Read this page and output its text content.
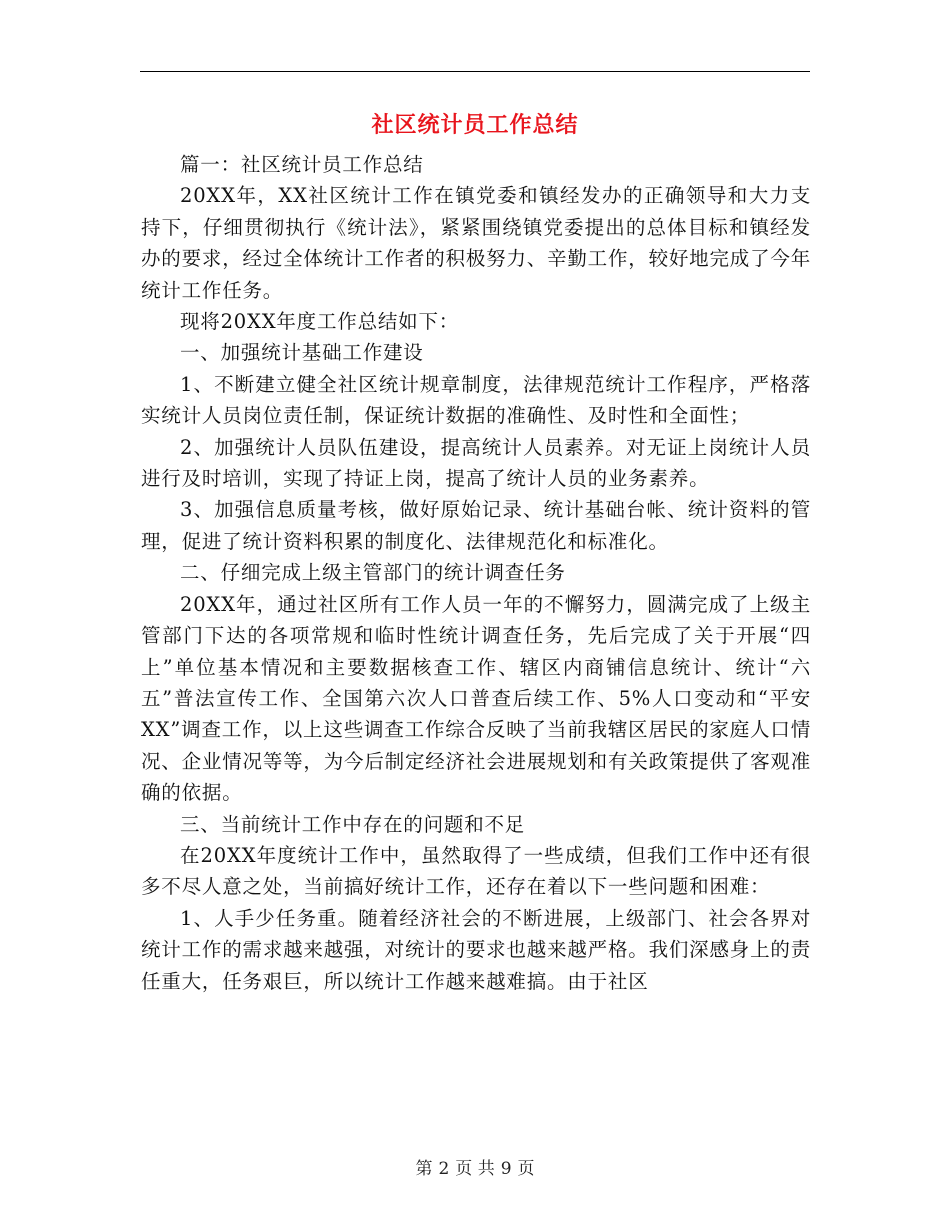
社区统计员工作总结

篇一：社区统计员工作总结

20XX年，XX社区统计工作在镇党委和镇经发办的正确领导和大力支持下，仔细贯彻执行《统计法》，紧紧围绕镇党委提出的总体目标和镇经发办的要求，经过全体统计工作者的积极努力、辛勤工作，较好地完成了今年统计工作任务。

现将20XX年度工作总结如下：

一、加强统计基础工作建设

1、不断建立健全社区统计规章制度，法律规范统计工作程序，严格落实统计人员岗位责任制，保证统计数据的准确性、及时性和全面性；

2、加强统计人员队伍建设，提高统计人员素养。对无证上岗统计人员进行及时培训，实现了持证上岗，提高了统计人员的业务素养。

3、加强信息质量考核，做好原始记录、统计基础台帐、统计资料的管理，促进了统计资料积累的制度化、法律规范化和标准化。

二、仔细完成上级主管部门的统计调查任务

20XX年，通过社区所有工作人员一年的不懈努力，圆满完成了上级主管部门下达的各项常规和临时性统计调查任务，先后完成了关于开展“四上”单位基本情况和主要数据核查工作、辖区内商铺信息统计、统计“六五”普法宣传工作、全国第六次人口普查后续工作、5%人口变动和“平安XX”调查工作，以上这些调查工作综合反映了当前我辖区居民的家庭人口情况、企业情况等等，为今后制定经济社会进展规划和有关政策提供了客观准确的依据。

三、当前统计工作中存在的问题和不足

在20XX年度统计工作中，虽然取得了一些成绩，但我们工作中还有很多不尽人意之处，当前搞好统计工作，还存在着以下一些问题和困难：

1、人手少任务重。随着经济社会的不断进展，上级部门、社会各界对统计工作的需求越来越强，对统计的要求也越来越严格。我们深感身上的责任重大，任务艰巨，所以统计工作越来越难搞。由于社区

第 2 页 共 9 页
